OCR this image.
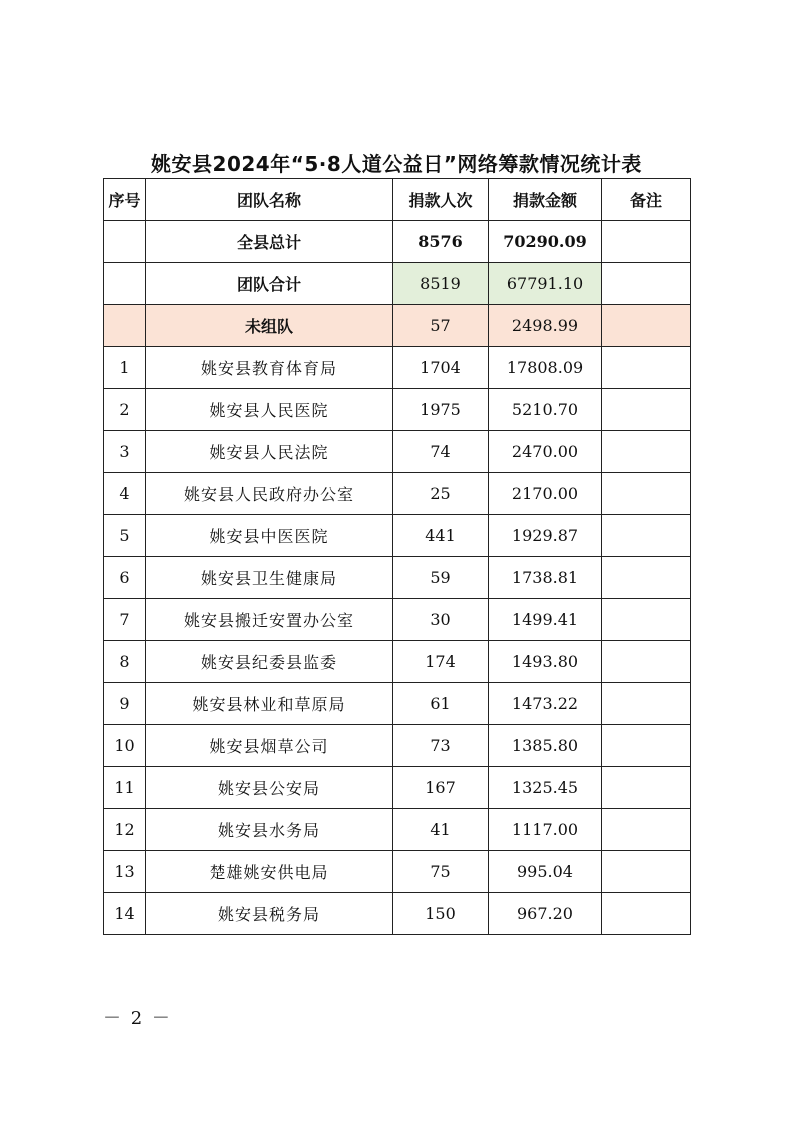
姚安县2024年“5·8人道公益日”网络筹款情况统计表
序号	团队名称	捐款人次	捐款金额	备注
	全县总计	8576	70290.09	
	团队合计	8519	67791.10	
	未组队	57	2498.99	
1	姚安县教育体育局	1704	17808.09	
2	姚安县人民医院	1975	5210.70	
3	姚安县人民法院	74	2470.00	
4	姚安县人民政府办公室	25	2170.00	
5	姚安县中医医院	441	1929.87	
6	姚安县卫生健康局	59	1738.81	
7	姚安县搬迁安置办公室	30	1499.41	
8	姚安县纪委县监委	174	1493.80	
9	姚安县林业和草原局	61	1473.22	
10	姚安县烟草公司	73	1385.80	
11	姚安县公安局	167	1325.45	
12	姚安县水务局	41	1117.00	
13	楚雄姚安供电局	75	995.04	
14	姚安县税务局	150	967.20	
－ 2 －
